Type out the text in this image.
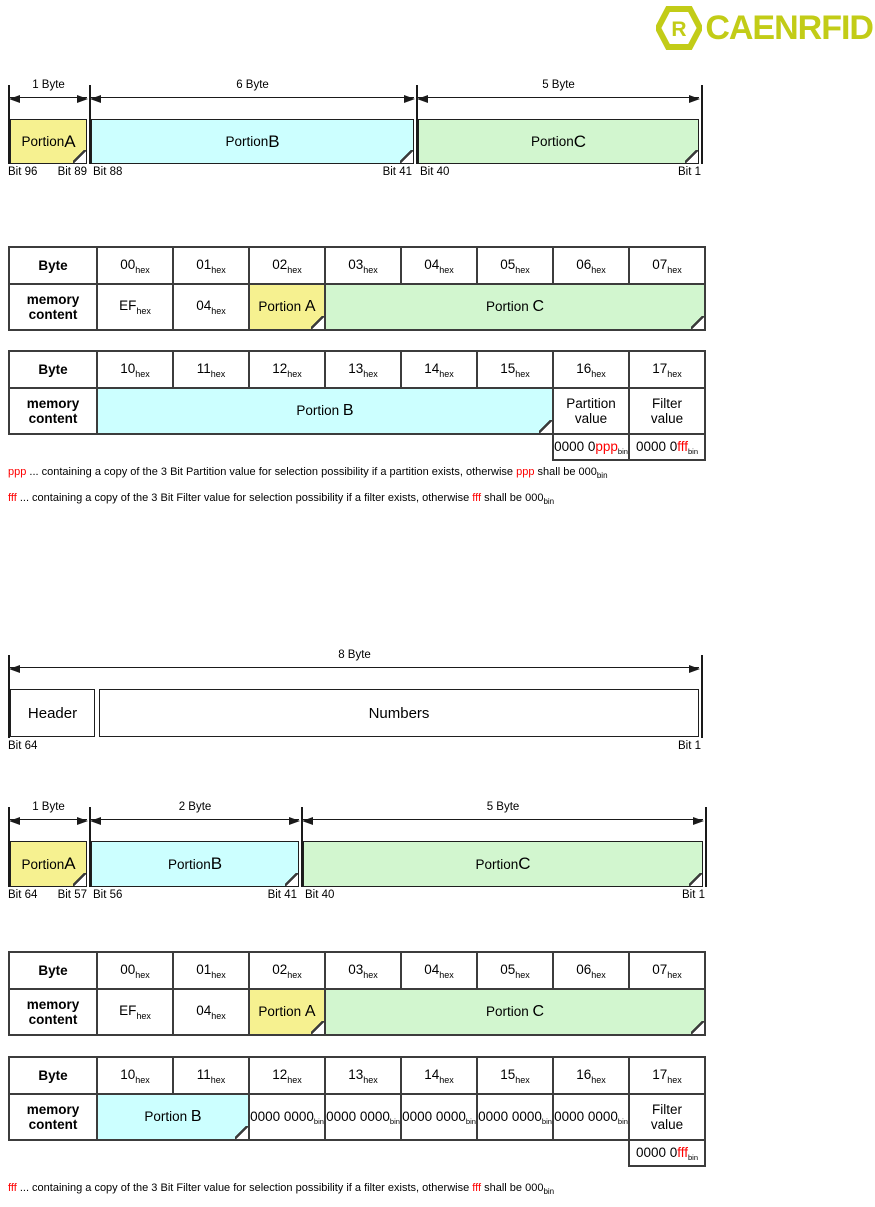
R CAENRFID
1 Byte	6 Byte	5 Byte
Portion A	Portion B	Portion C
Bit 96 Bit 89 Bit 88	Bit 41 Bit 40	Bit 1
Byte	$00_{hex}$	$01_{hex}$	$02_{hex}$	$03_{hex}$	$04_{hex}$	$05_{hex}$	$06_{hex}$	$07_{hex}$

memory
content	$EF_{hex}$	$04_{hex}$	Portion A	Portion C				
Byte	$10_{hex}$	$11_{hex}$	$12_{hex}$	$13_{hex}$	$14_{hex}$	$15_{hex}$	$16_{hex}$	$17_{hex}$

memory
content	Portion B						Partition
value	Filter
value

							0000 0ppp$_{bin}$	0000 0fff$_{bin}$
ppp ... containing a copy of the 3 Bit Partition value for selection possibility if a partition exists, otherwise ppp shall be $000_{bin}$
fff ... containing a copy of the 3 Bit Filter value for selection possibility if a filter exists, otherwise fff shall be $000_{bin}$
8 Byte
Header	Numbers
Bit 64	Bit 1
1 Byte	2 Byte	5 Byte
Portion A	Portion B	Portion C
Bit 64 Bit 57 Bit 56	Bit 41 Bit 40	Bit 1
Byte	$00_{hex}$	$01_{hex}$	$02_{hex}$	$03_{hex}$	$04_{hex}$	$05_{hex}$	$06_{hex}$	$07_{hex}$

memory
content	$EF_{hex}$	$04_{hex}$	Portion A	Portion C				
Byte	$10_{hex}$	$11_{hex}$	$12_{hex}$	$13_{hex}$	$14_{hex}$	$15_{hex}$	$16_{hex}$	$17_{hex}$

memory
content	Portion B		0000 $0000_{bin}$	0000 $0000_{bin}$	0000 $0000_{bin}$	0000 $0000_{bin}$	0000 $0000_{bin}$	Filter
value

								0000 0fff$_{bin}$
fff ... containing a copy of the 3 Bit Filter value for selection possibility if a filter exists, otherwise fff shall be $000_{bin}$
